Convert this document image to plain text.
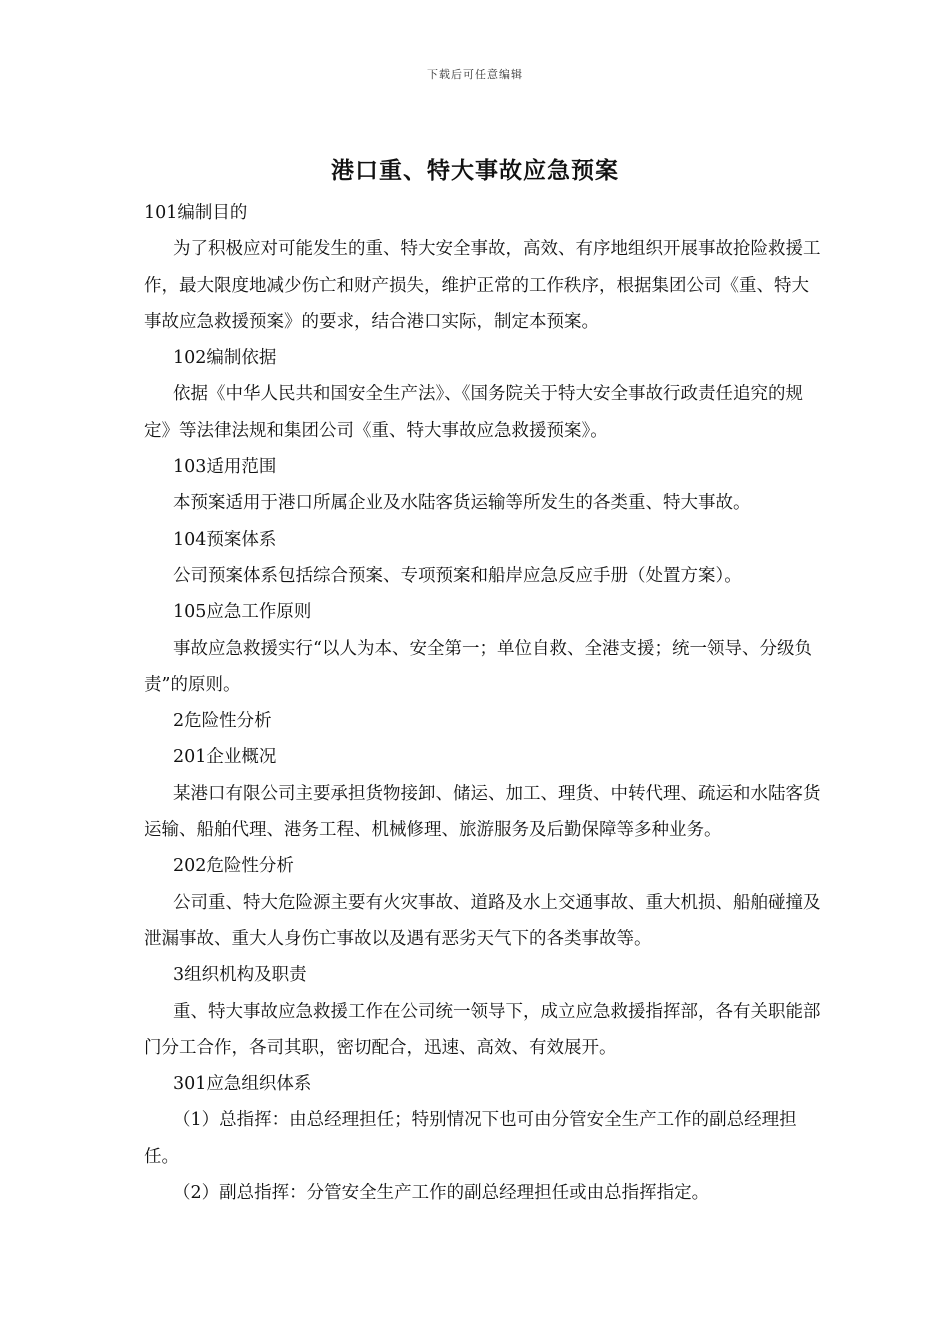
下载后可任意编辑
港口重、特大事故应急预案

101编制目的

为了积极应对可能发生的重、特大安全事故，高效、有序地组织开展事故抢险救援工作，最大限度地减少伤亡和财产损失，维护正常的工作秩序，根据集团公司《重、特大事故应急救援预案》的要求，结合港口实际，制定本预案。

102编制依据

依据《中华人民共和国安全生产法》、《国务院关于特大安全事故行政责任追究的规定》等法律法规和集团公司《重、特大事故应急救援预案》。

103适用范围

本预案适用于港口所属企业及水陆客货运输等所发生的各类重、特大事故。

104预案体系

公司预案体系包括综合预案、专项预案和船岸应急反应手册（处置方案）。

105应急工作原则

事故应急救援实行“以人为本、安全第一；单位自救、全港支援；统一领导、分级负责”的原则。

2危险性分析

201企业概况

某港口有限公司主要承担货物接卸、储运、加工、理货、中转代理、疏运和水陆客货运输、船舶代理、港务工程、机械修理、旅游服务及后勤保障等多种业务。

202危险性分析

公司重、特大危险源主要有火灾事故、道路及水上交通事故、重大机损、船舶碰撞及泄漏事故、重大人身伤亡事故以及遇有恶劣天气下的各类事故等。

3组织机构及职责

重、特大事故应急救援工作在公司统一领导下，成立应急救援指挥部，各有关职能部门分工合作，各司其职，密切配合，迅速、高效、有效展开。

301应急组织体系

（1）总指挥：由总经理担任；特别情况下也可由分管安全生产工作的副总经理担任。

（2）副总指挥：分管安全生产工作的副总经理担任或由总指挥指定。
